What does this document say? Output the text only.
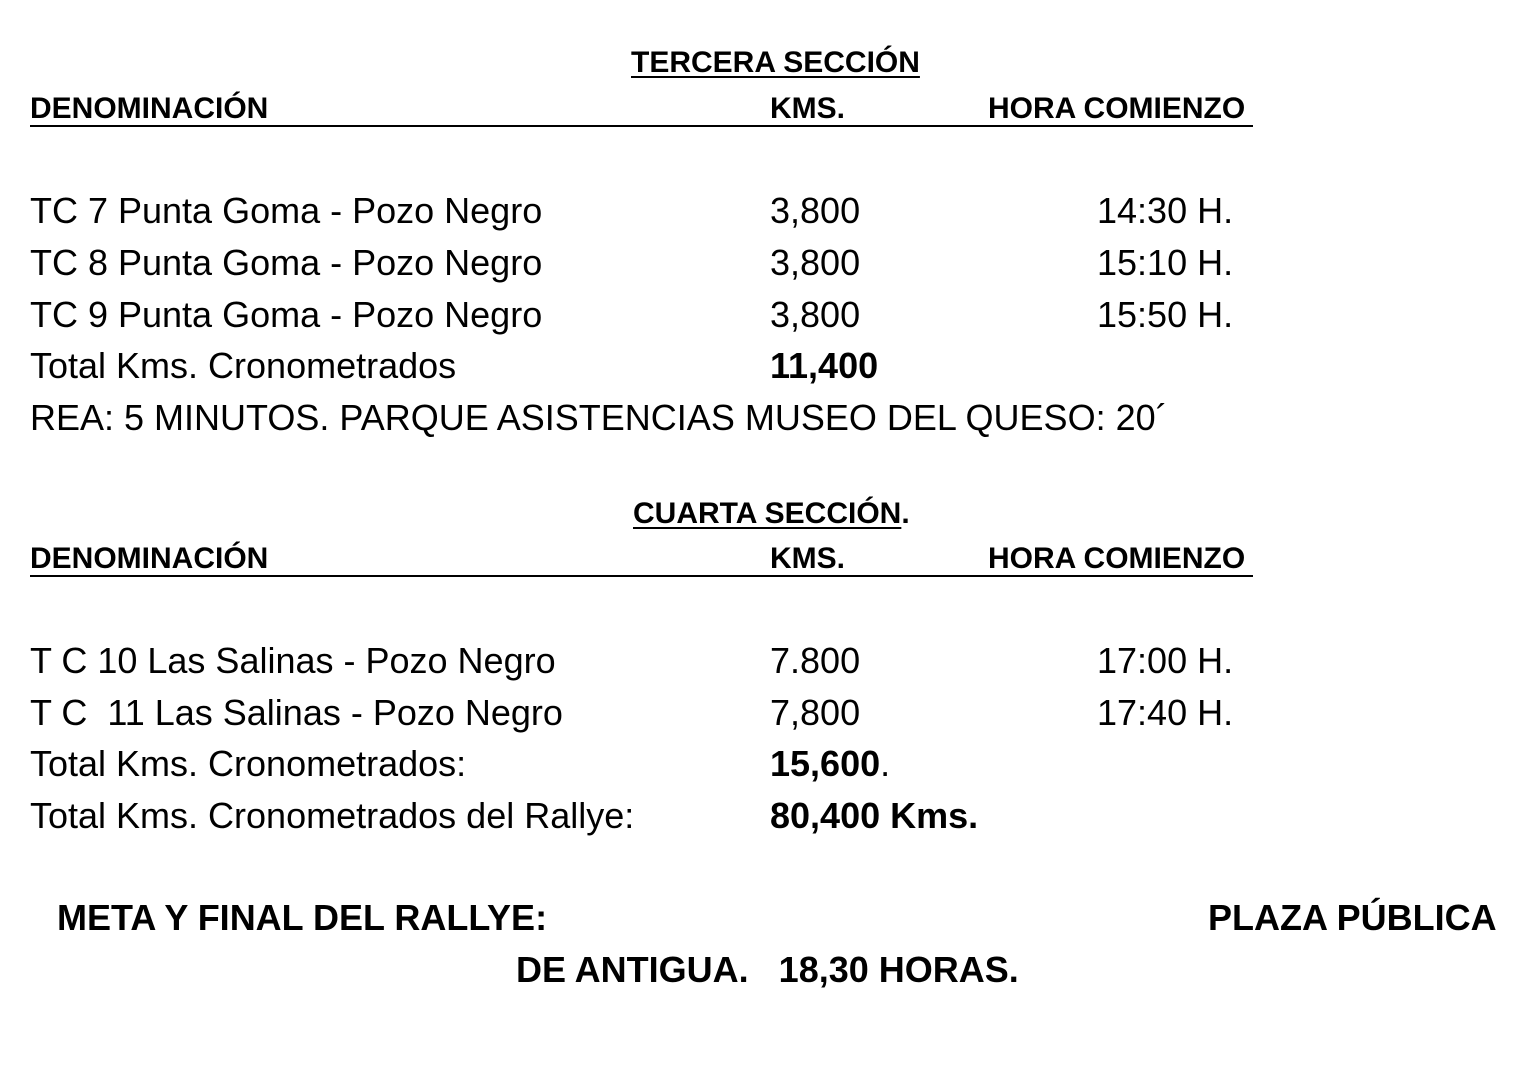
TERCERA SECCIÓN
DENOMINACIÓN	KMS.	HORA COMIENZO
TC 7 Punta Goma - Pozo Negro	3,800	14:30 H.
TC 8 Punta Goma - Pozo Negro	3,800	15:10 H.
TC 9 Punta Goma - Pozo Negro	3,800	15:50 H.
Total Kms. Cronometrados	11,400
REA: 5 MINUTOS. PARQUE ASISTENCIAS MUSEO DEL QUESO: 20´
CUARTA SECCIÓN.
DENOMINACIÓN	KMS.	HORA COMIENZO
T C 10 Las Salinas - Pozo Negro	7.800	17:00 H.
T C  11 Las Salinas - Pozo Negro	7,800	17:40 H.
Total Kms. Cronometrados:	15,600.
Total Kms. Cronometrados del Rallye:	80,400 Kms.
META Y FINAL DEL RALLYE:	PLAZA PÚBLICA
DE ANTIGUA.   18,30 HORAS.
